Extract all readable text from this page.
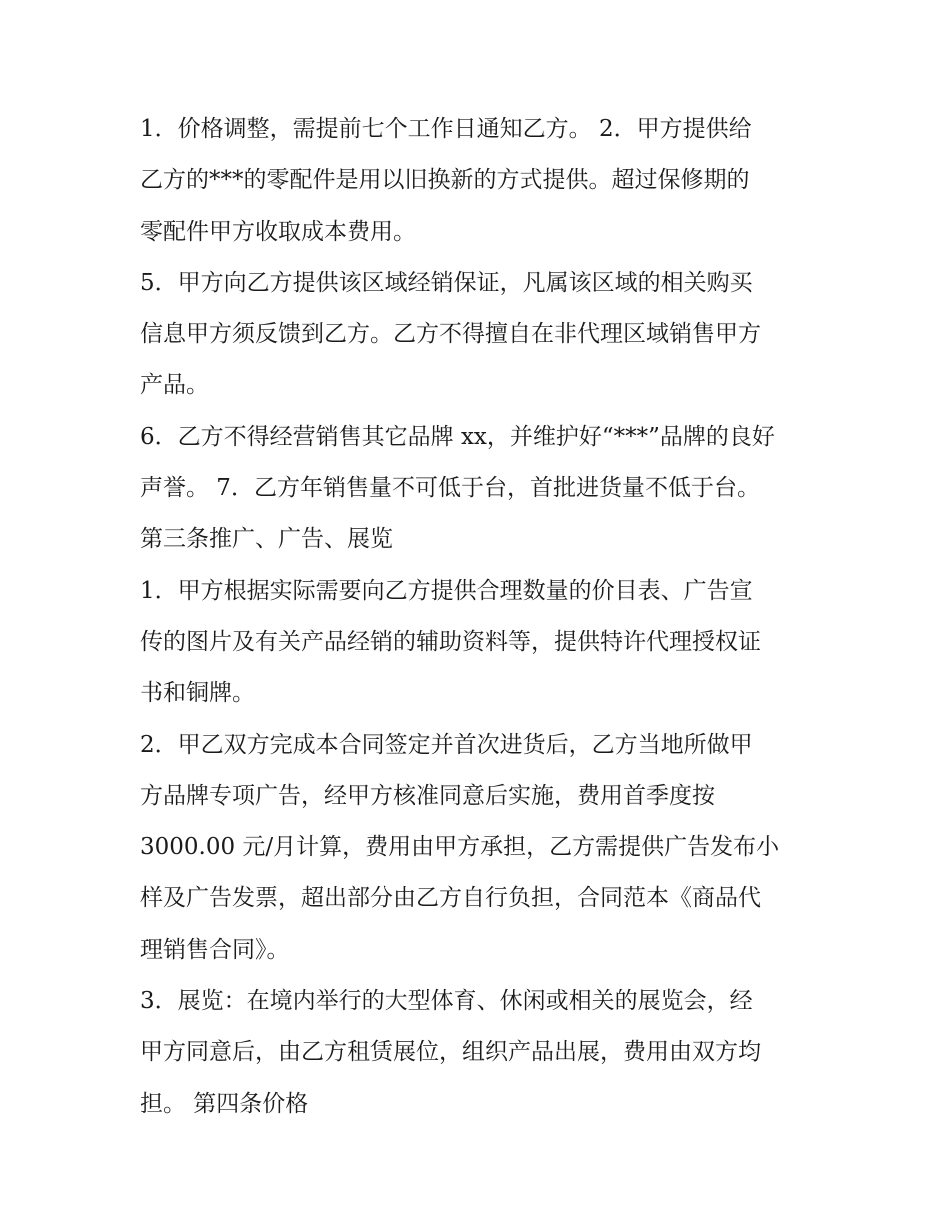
1．价格调整，需提前七个工作日通知乙方。 2．甲方提供给
乙方的***的零配件是用以旧换新的方式提供。超过保修期的
零配件甲方收取成本费用。
5．甲方向乙方提供该区域经销保证，凡属该区域的相关购买
信息甲方须反馈到乙方。乙方不得擅自在非代理区域销售甲方
产品。
6．乙方不得经营销售其它品牌 xx，并维护好“***”品牌的良好
声誉。 7．乙方年销售量不可低于台，首批进货量不低于台。
第三条推广、广告、展览
1．甲方根据实际需要向乙方提供合理数量的价目表、广告宣
传的图片及有关产品经销的辅助资料等，提供特许代理授权证
书和铜牌。
2．甲乙双方完成本合同签定并首次进货后，乙方当地所做甲
方品牌专项广告，经甲方核准同意后实施，费用首季度按
3000.00 元/月计算，费用由甲方承担，乙方需提供广告发布小
样及广告发票，超出部分由乙方自行负担，合同范本《商品代
理销售合同》。
3．展览：在境内举行的大型体育、休闲或相关的展览会，经
甲方同意后，由乙方租赁展位，组织产品出展，费用由双方均
担。 第四条价格
